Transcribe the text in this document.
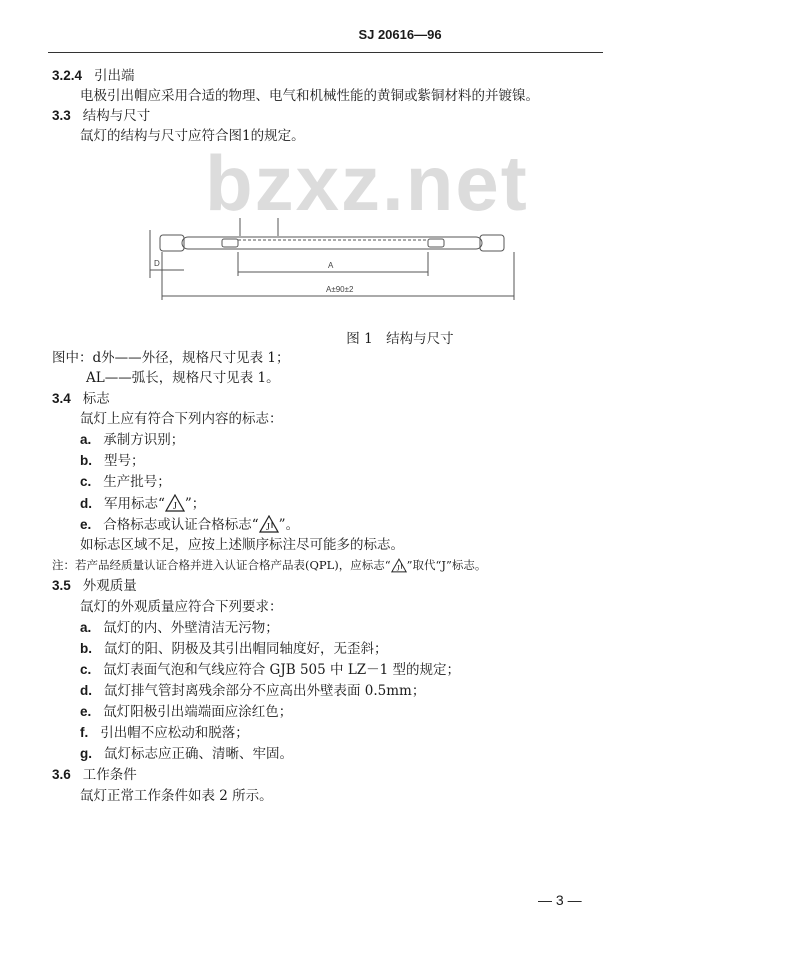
SJ 20616—96
bzxz.net
3.2.4 引出端
电极引出帽应采用合适的物理、电气和机械性能的黄铜或紫铜材料的并镀镍。
3.3 结构与尺寸
氙灯的结构与尺寸应符合图1的规定。
D	A
A±90±2
图 1　结构与尺寸
图中：d外——外径，规格尺寸见表 1；
AL——弧长，规格尺寸见表 1。
3.4 标志
氙灯上应有符合下列内容的标志：
a. 承制方识别；
b. 型号；
c. 生产批号；
d. 军用标志“ J ”；
e. 合格标志或认证合格标志“ J ”。
如标志区域不足，应按上述顺序标注尽可能多的标志。
注：若产品经质量认证合格并进入认证合格产品表(QPL)，应标志“ J ”取代“J”标志。
3.5 外观质量
氙灯的外观质量应符合下列要求：
a. 氙灯的内、外壁清洁无污物；
b. 氙灯的阳、阴极及其引出帽同轴度好，无歪斜；
c. 氙灯表面气泡和气线应符合 GJB 505 中 LZ－1 型的规定；
d. 氙灯排气管封离残余部分不应高出外壁表面 0.5mm；
e. 氙灯阳极引出端端面应涂红色；
f. 引出帽不应松动和脱落；
g. 氙灯标志应正确、清晰、牢固。
3.6 工作条件
氙灯正常工作条件如表 2 所示。
— 3 —
